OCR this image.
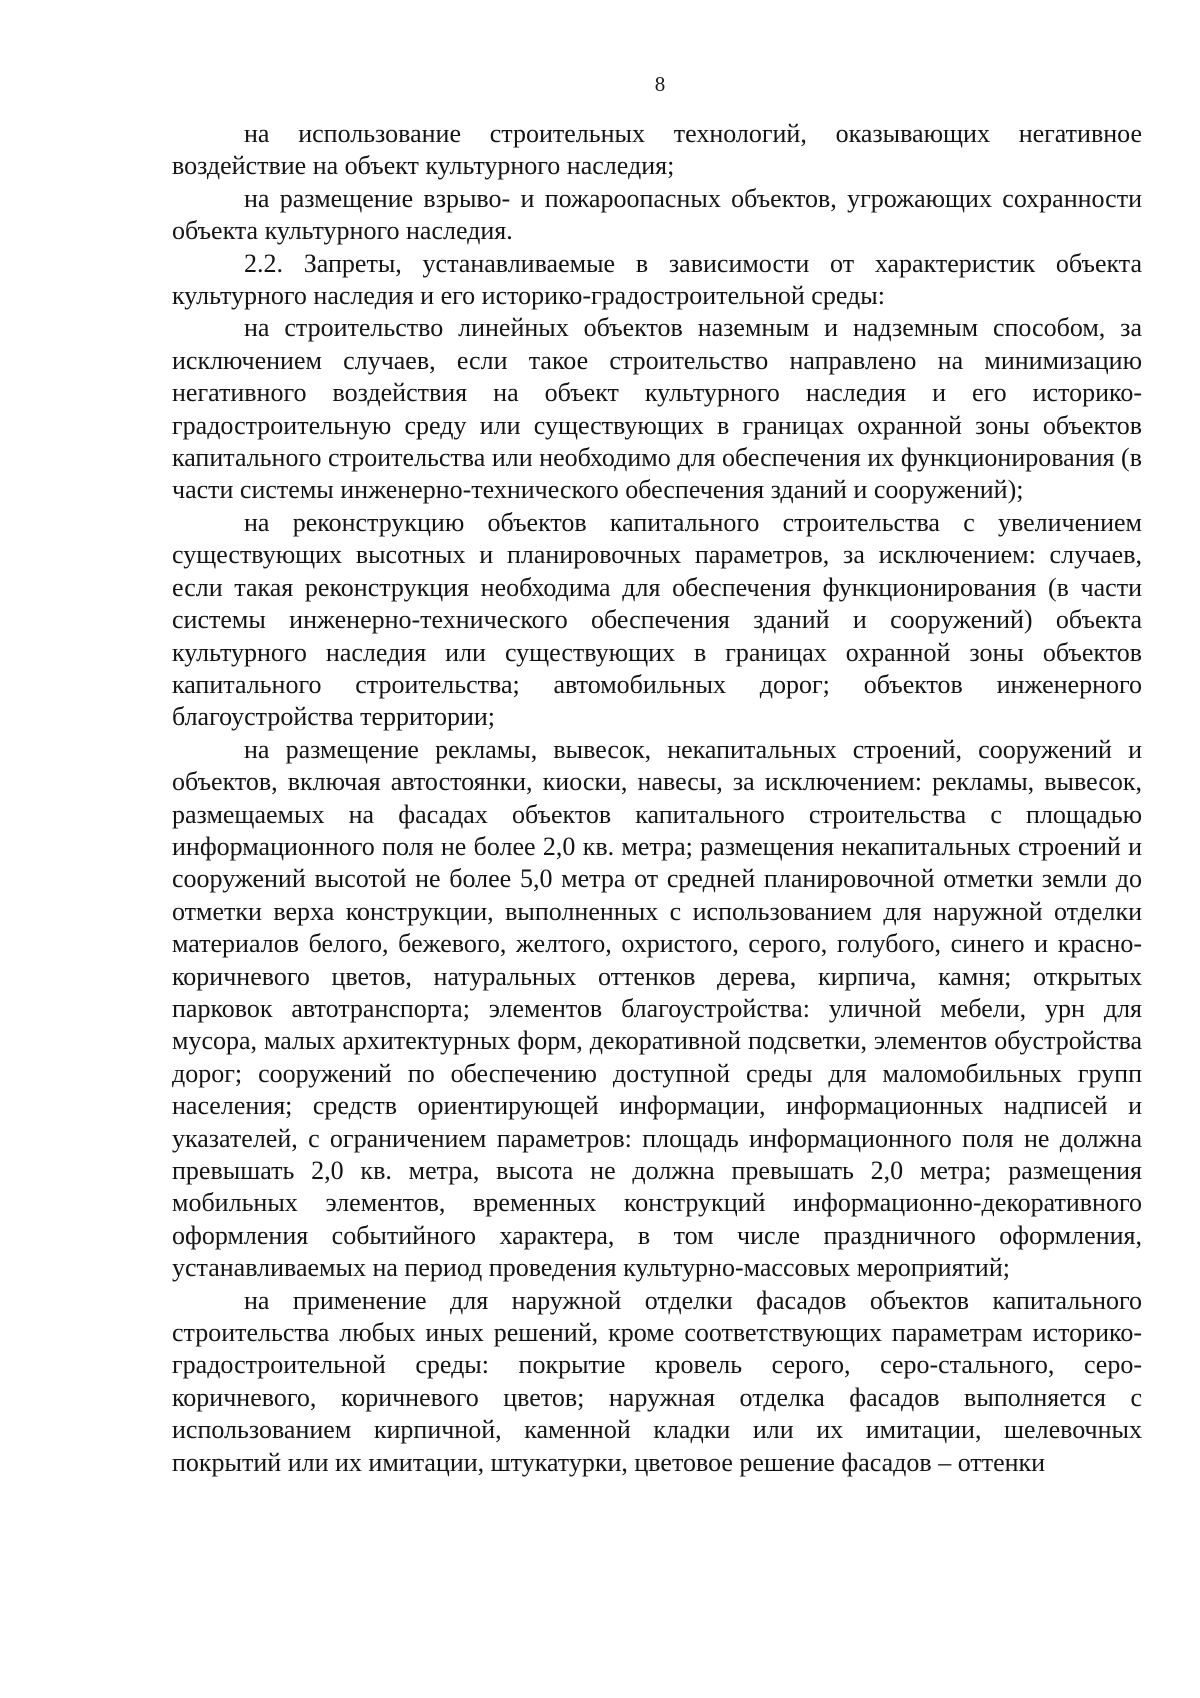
8

на использование строительных технологий, оказывающих негативное воздействие на объект культурного наследия;

на размещение взрыво- и пожароопасных объектов, угрожающих сохранности объекта культурного наследия.

2.2. Запреты, устанавливаемые в зависимости от характеристик объекта культурного наследия и его историко-градостроительной среды:

на строительство линейных объектов наземным и надземным способом, за исключением случаев, если такое строительство направлено на минимизацию негативного воздействия на объект культурного наследия и его историко-градостроительную среду или существующих в границах охранной зоны объектов капитального строительства или необходимо для обеспечения их функционирования (в части системы инженерно-технического обеспечения зданий и сооружений);

на реконструкцию объектов капитального строительства с увеличением существующих высотных и планировочных параметров, за исключением: случаев, если такая реконструкция необходима для обеспечения функционирования (в части системы инженерно-технического обеспечения зданий и сооружений) объекта культурного наследия или существующих в границах охранной зоны объектов капитального строительства; автомобильных дорог; объектов инженерного благоустройства территории;

на размещение рекламы, вывесок, некапитальных строений, сооружений и объектов, включая автостоянки, киоски, навесы, за исключением: рекламы, вывесок, размещаемых на фасадах объектов капитального строительства с площадью информационного поля не более 2,0 кв. метра; размещения некапитальных строений и сооружений высотой не более 5,0 метра от средней планировочной отметки земли до отметки верха конструкции, выполненных с использованием для наружной отделки материалов белого, бежевого, желтого, охристого, серого, голубого, синего и красно-коричневого цветов, натуральных оттенков дерева, кирпича, камня; открытых парковок автотранспорта; элементов благоустройства: уличной мебели, урн для мусора, малых архитектурных форм, декоративной подсветки, элементов обустройства дорог; сооружений по обеспечению доступной среды для маломобильных групп населения; средств ориентирующей информации, информационных надписей и указателей, с ограничением параметров: площадь информационного поля не должна превышать 2,0 кв. метра, высота не должна превышать 2,0 метра; размещения мобильных элементов, временных конструкций информационно-декоративного оформления событийного характера, в том числе праздничного оформления, устанавливаемых на период проведения культурно-массовых мероприятий;

на применение для наружной отделки фасадов объектов капитального строительства любых иных решений, кроме соответствующих параметрам историко-градостроительной среды: покрытие кровель серого, серо-стального, серо-коричневого, коричневого цветов; наружная отделка фасадов выполняется с использованием кирпичной, каменной кладки или их имитации, шелевочных покрытий или их имитации, штукатурки, цветовое решение фасадов – оттенки
